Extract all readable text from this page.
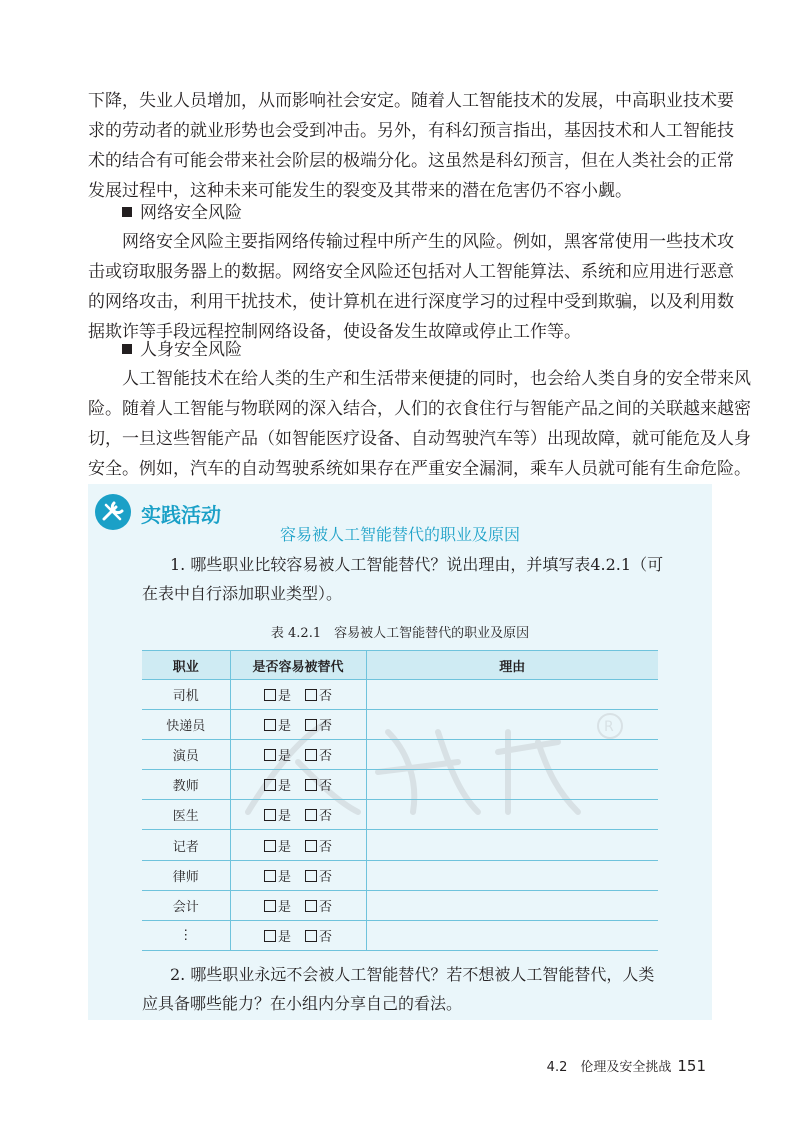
下降，失业人员增加，从而影响社会安定。随着人工智能技术的发展，中高职业技术要
求的劳动者的就业形势也会受到冲击。另外，有科幻预言指出，基因技术和人工智能技
术的结合有可能会带来社会阶层的极端分化。这虽然是科幻预言，但在人类社会的正常
发展过程中，这种未来可能发生的裂变及其带来的潜在危害仍不容小觑。
网络安全风险
网络安全风险主要指网络传输过程中所产生的风险。例如，黑客常使用一些技术攻
击或窃取服务器上的数据。网络安全风险还包括对人工智能算法、系统和应用进行恶意
的网络攻击，利用干扰技术，使计算机在进行深度学习的过程中受到欺骗，以及利用数
据欺诈等手段远程控制网络设备，使设备发生故障或停止工作等。
人身安全风险
人工智能技术在给人类的生产和生活带来便捷的同时，也会给人类自身的安全带来风
险。随着人工智能与物联网的深入结合，人们的衣食住行与智能产品之间的关联越来越密
切，一旦这些智能产品（如智能医疗设备、自动驾驶汽车等）出现故障，就可能危及人身
安全。例如，汽车的自动驾驶系统如果存在严重安全漏洞，乘车人员就可能有生命危险。
实践活动
容易被人工智能替代的职业及原因
1. 哪些职业比较容易被人工智能替代？说出理由，并填写表4.2.1（可
在表中自行添加职业类型）。
表 4.2.1　容易被人工智能替代的职业及原因
R
职业	是否容易被替代	理由
司机	是 否	
快递员	是 否	
演员	是 否	
教师	是 否	
医生	是 否	
记者	是 否	
律师	是 否	
会计	是 否	
⋮	是 否	
2. 哪些职业永远不会被人工智能替代？若不想被人工智能替代，人类
应具备哪些能力？在小组内分享自己的看法。
4.2　伦理及安全挑战 151
